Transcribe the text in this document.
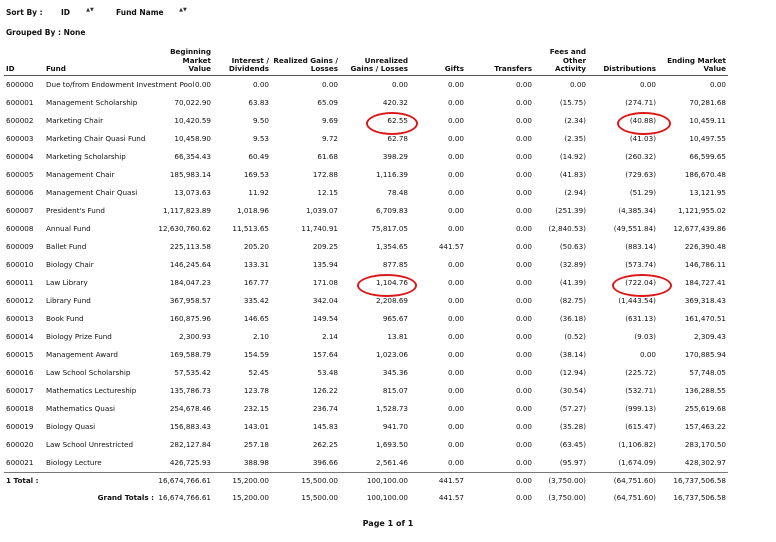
Sort By : ID	▲▼	Fund Name	▲▼
Grouped By : None
ID	Fund	Beginning Market Value	Interest / Dividends	Realized Gains / Losses	Unrealized Gains / Losses	Gifts	Transfers	Fees and Other Activity	Distributions	Ending Market Value
600000	Due to/from Endowment Investment Pool	0.00	0.00	0.00	0.00	0.00	0.00	0.00	0.00	0.00
600001	Management Scholarship	70,022.90	63.83	65.09	420.32	0.00	0.00	(15.75)	(274.71)	70,281.68
600002	Marketing Chair	10,420.59	9.50	9.69	62.55	0.00	0.00	(2.34)	(40.88)	10,459.11
600003	Marketing Chair Quasi Fund	10,458.90	9.53	9.72	62.78	0.00	0.00	(2.35)	(41.03)	10,497.55
600004	Marketing Scholarship	66,354.43	60.49	61.68	398.29	0.00	0.00	(14.92)	(260.32)	66,599.65
600005	Management Chair	185,983.14	169.53	172.88	1,116.39	0.00	0.00	(41.83)	(729.63)	186,670.48
600006	Management Chair Quasi	13,073.63	11.92	12.15	78.48	0.00	0.00	(2.94)	(51.29)	13,121.95
600007	President's Fund	1,117,823.89	1,018.96	1,039.07	6,709.83	0.00	0.00	(251.39)	(4,385.34)	1,121,955.02
600008	Annual Fund	12,630,760.62	11,513.65	11,740.91	75,817.05	0.00	0.00	(2,840.53)	(49,551.84)	12,677,439.86
600009	Ballet Fund	225,113.58	205.20	209.25	1,354.65	441.57	0.00	(50.63)	(883.14)	226,390.48
600010	Biology Chair	146,245.64	133.31	135.94	877.85	0.00	0.00	(32.89)	(573.74)	146,786.11
600011	Law Library	184,047.23	167.77	171.08	1,104.76	0.00	0.00	(41.39)	(722.04)	184,727.41
600012	Library Fund	367,958.57	335.42	342.04	2,208.69	0.00	0.00	(82.75)	(1,443.54)	369,318.43
600013	Book Fund	160,875.96	146.65	149.54	965.67	0.00	0.00	(36.18)	(631.13)	161,470.51
600014	Biology Prize Fund	2,300.93	2.10	2.14	13.81	0.00	0.00	(0.52)	(9.03)	2,309.43
600015	Management Award	169,588.79	154.59	157.64	1,023.06	0.00	0.00	(38.14)	0.00	170,885.94
600016	Law School Scholarship	57,535.42	52.45	53.48	345.36	0.00	0.00	(12.94)	(225.72)	57,748.05
600017	Mathematics Lectureship	135,786.73	123.78	126.22	815.07	0.00	0.00	(30.54)	(532.71)	136,288.55
600018	Mathematics Quasi	254,678.46	232.15	236.74	1,528.73	0.00	0.00	(57.27)	(999.13)	255,619.68
600019	Biology Quasi	156,883.43	143.01	145.83	941.70	0.00	0.00	(35.28)	(615.47)	157,463.22
600020	Law School Unrestricted	282,127.84	257.18	262.25	1,693.50	0.00	0.00	(63.45)	(1,106.82)	283,170.50
600021	Biology Lecture	426,725.93	388.98	396.66	2,561.46	0.00	0.00	(95.97)	(1,674.09)	428,302.97
1 Total :		16,674,766.61	15,200.00	15,500.00	100,100.00	441.57	0.00	(3,750.00)	(64,751.60)	16,737,506.58
Grand Totals :		16,674,766.61	15,200.00	15,500.00	100,100.00	441.57	0.00	(3,750.00)	(64,751.60)	16,737,506.58
Page 1 of 1
